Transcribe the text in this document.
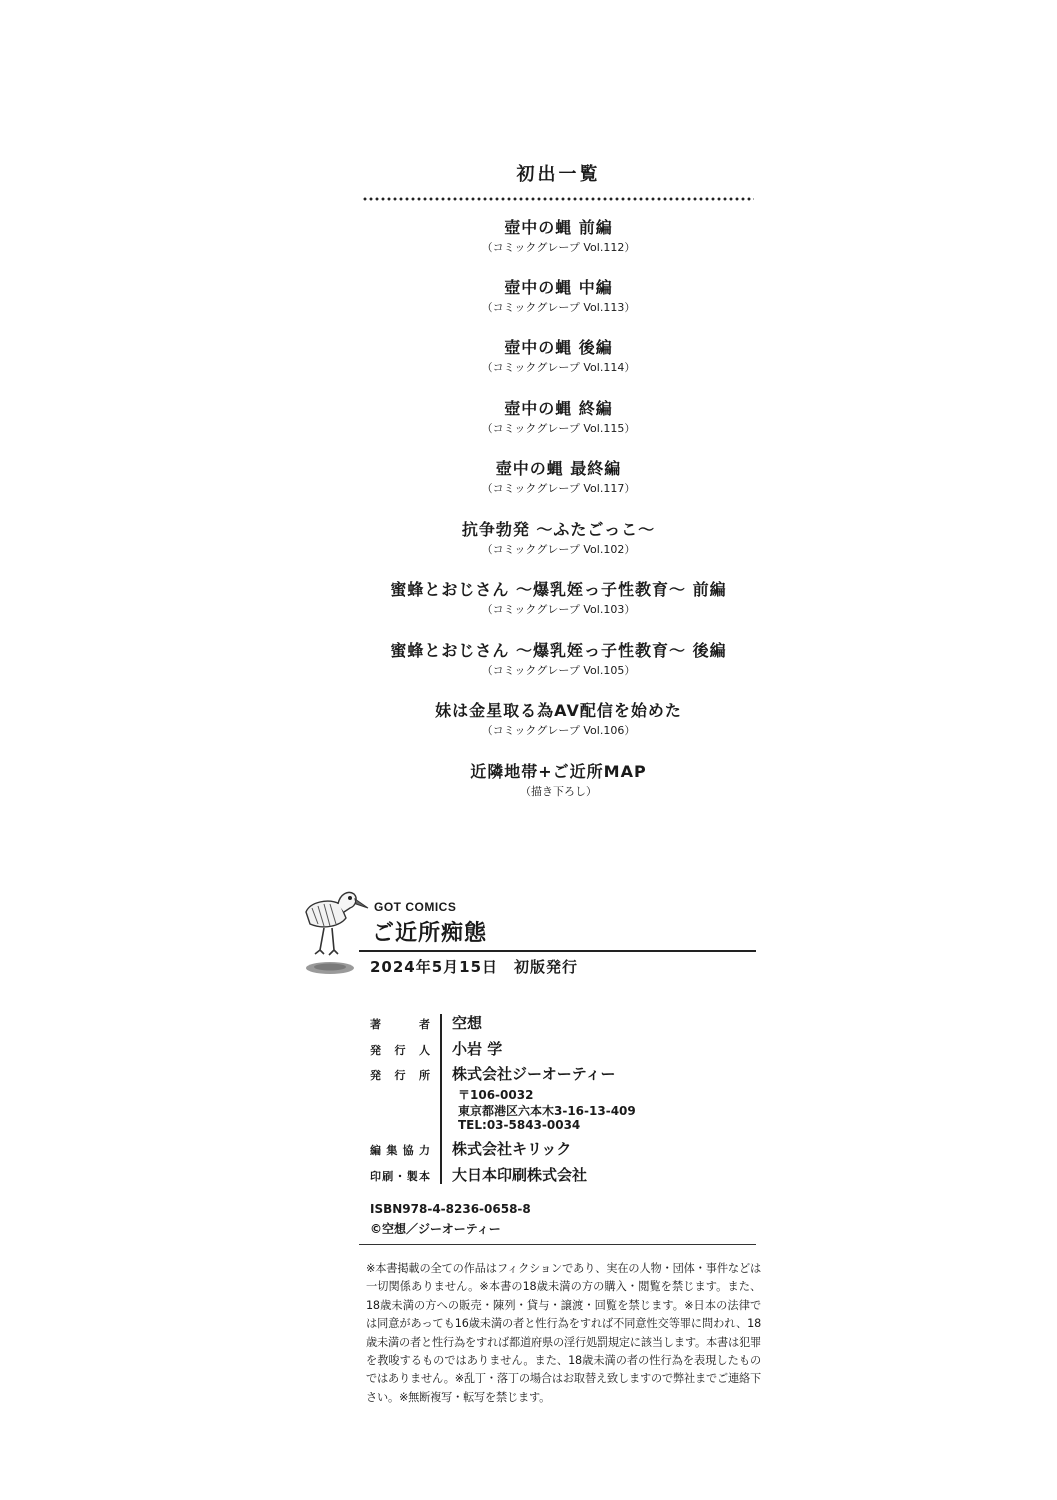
初出一覧
壺中の蝿 前編
（コミックグレープ Vol.112）
壺中の蝿 中編
（コミックグレープ Vol.113）
壺中の蝿 後編
（コミックグレープ Vol.114）
壺中の蝿 終編
（コミックグレープ Vol.115）
壺中の蝿 最終編
（コミックグレープ Vol.117）
抗争勃発 ～ふたごっこ～
（コミックグレープ Vol.102）
蜜蜂とおじさん ～爆乳姪っ子性教育～ 前編
（コミックグレープ Vol.103）
蜜蜂とおじさん ～爆乳姪っ子性教育～ 後編
（コミックグレープ Vol.105）
妹は金星取る為AV配信を始めた
（コミックグレープ Vol.106）
近隣地帯+ご近所MAP
（描き下ろし）
GOT COMICS
ご近所痴態
2024年5月15日　初版発行
著者 空想
発行人 小岩 学
発行所 株式会社ジーオーティー
〒106-0032
東京都港区六本木3-16-13-409
TEL:03-5843-0034
編集協力 株式会社キリック
印刷・製本 大日本印刷株式会社
ISBN978-4-8236-0658-8
©空想／ジーオーティー
※本書掲載の全ての作品はフィクションであり、実在の人物・団体・事件などは一切関係ありません。※本書の18歳未満の方の購入・閲覧を禁じます。また、18歳未満の方への販売・陳列・貸与・譲渡・回覧を禁じます。※日本の法律では同意があっても16歳未満の者と性行為をすれば不同意性交等罪に問われ、18歳未満の者と性行為をすれば都道府県の淫行処罰規定に該当します。本書は犯罪を教唆するものではありません。また、18歳未満の者の性行為を表現したものではありません。※乱丁・落丁の場合はお取替え致しますので弊社までご連絡下さい。※無断複写・転写を禁じます。
